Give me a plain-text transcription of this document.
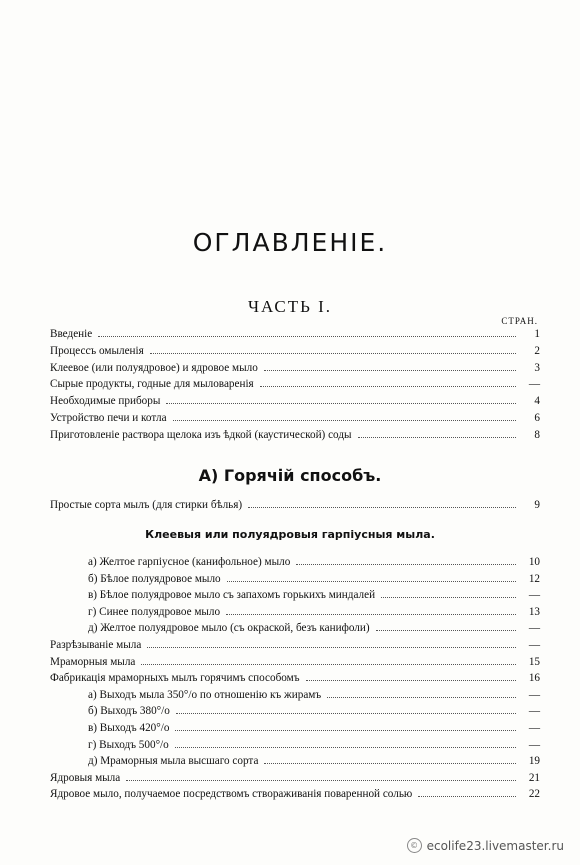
ОГЛАВЛЕНІЕ.
ЧАСТЬ I.
СТРАН.
Введеніе	1
Процессъ омыленія	2
Клеевое (или полуядровое) и ядровое мыло	3
Сырые продукты, годные для мыловаренія	—
Необходимые приборы	4
Устройство печи и котла	6
Приготовленіе раствора щелока изъ ѣдкой (каустической) соды	8
А) Горячій способъ.
Простые сорта мылъ (для стирки бѣлья)	9
Клеевыя или полуядровыя гарпіусныя мыла.
а) Желтое гарпіусное (канифольное) мыло	10
б) Бѣлое полуядровое мыло	12
в) Бѣлое полуядровое мыло съ запахомъ горькихъ миндалей	—
г) Синее полуядровое мыло	13
д) Желтое полуядровое мыло (съ окраской, безъ канифоли)	—
Разрѣзываніе мыла	—
Мраморныя мыла	15
Фабрикація мраморныхъ мылъ горячимъ способомъ	16
а) Выходъ мыла 350°/о по отношенію къ жирамъ	—
б) Выходъ 380°/о	—
в) Выходъ 420°/о	—
г) Выходъ 500°/о	—
д) Мраморныя мыла высшаго сорта	19
Ядровыя мыла	21
Ядровое мыло, получаемое посредствомъ створаживанія поваренной солью	22
© ecolife23.livemaster.ru
